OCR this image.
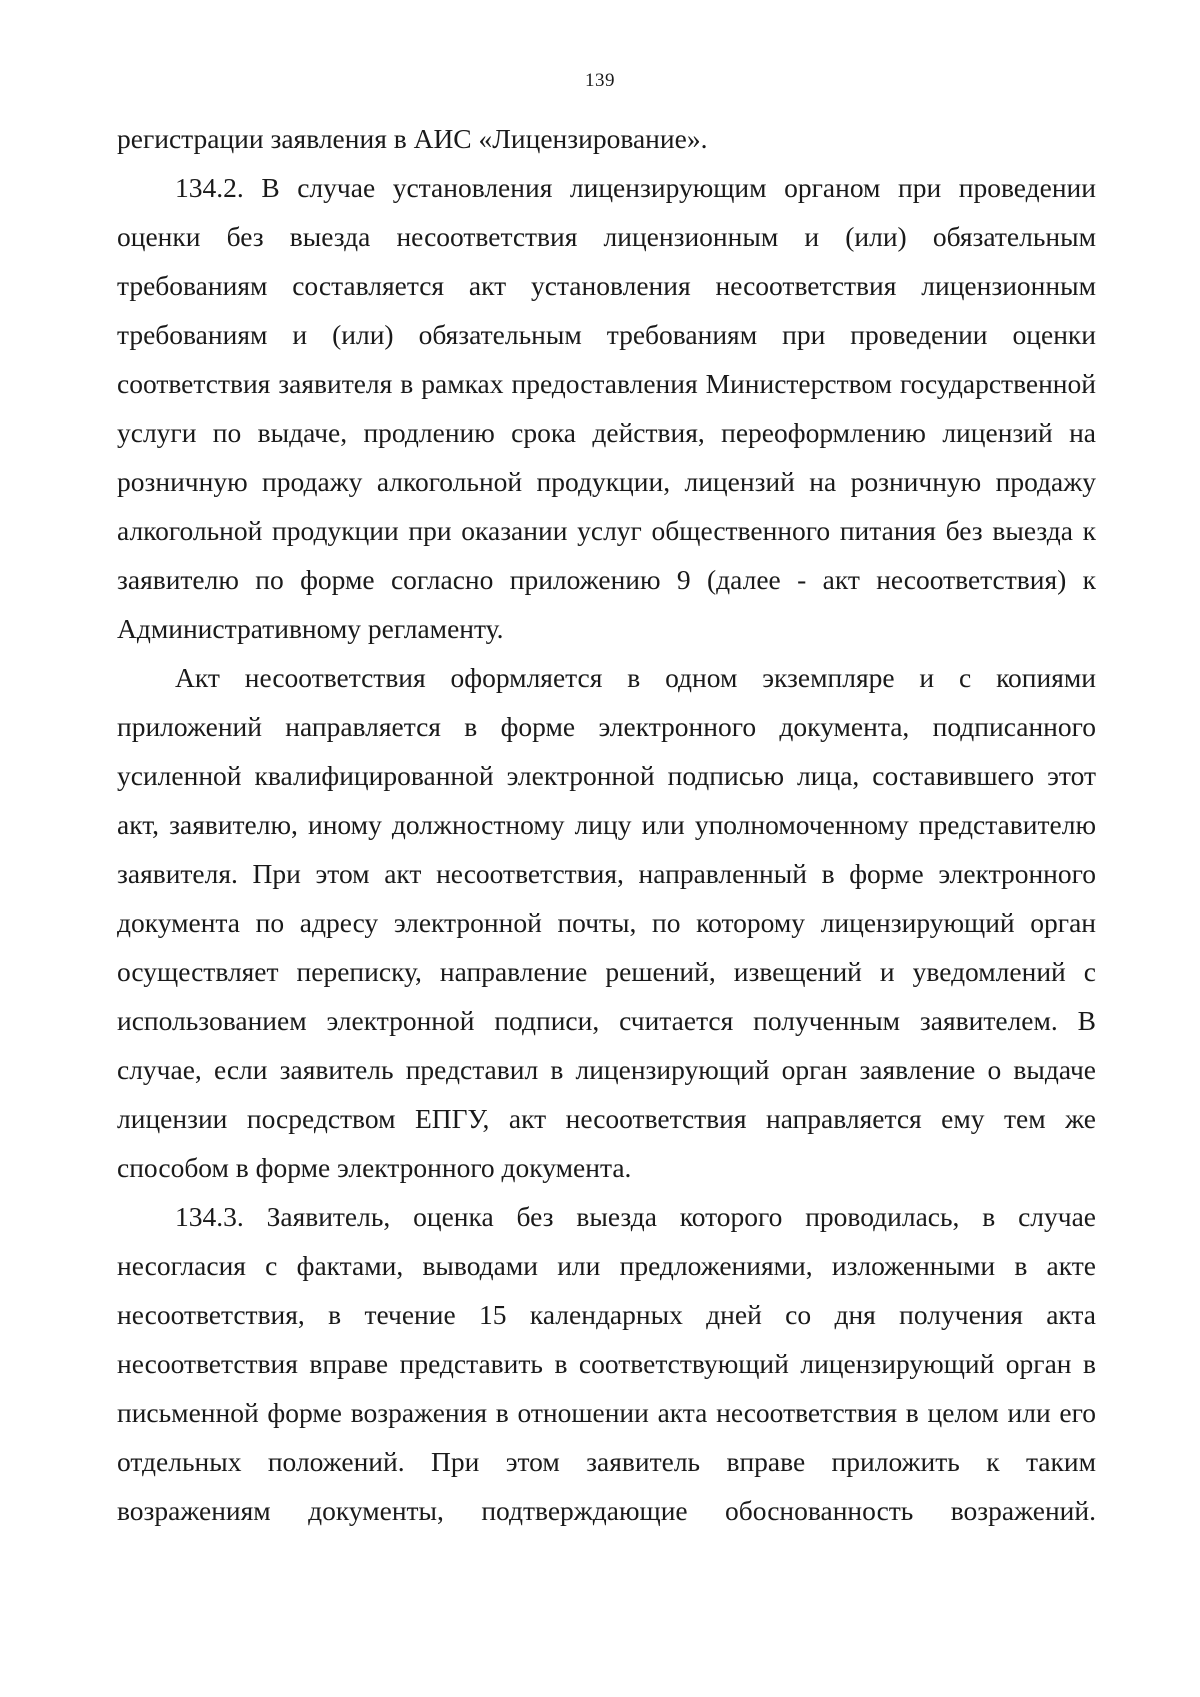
139

регистрации заявления в АИС «Лицензирование».

134.2. В случае установления лицензирующим органом при проведении оценки без выезда несоответствия лицензионным и (или) обязательным требованиям составляется акт установления несоответствия лицензионным требованиям и (или) обязательным требованиям при проведении оценки соответствия заявителя в рамках предоставления Министерством государственной услуги по выдаче, продлению срока действия, переоформлению лицензий на розничную продажу алкогольной продукции, лицензий на розничную продажу алкогольной продукции при оказании услуг общественного питания без выезда к заявителю по форме согласно приложению 9 (далее - акт несоответствия) к Административному регламенту.

Акт несоответствия оформляется в одном экземпляре и с копиями приложений направляется в форме электронного документа, подписанного усиленной квалифицированной электронной подписью лица, составившего этот акт, заявителю, иному должностному лицу или уполномоченному представителю заявителя. При этом акт несоответствия, направленный в форме электронного документа по адресу электронной почты, по которому лицензирующий орган осуществляет переписку, направление решений, извещений и уведомлений с использованием электронной подписи, считается полученным заявителем. В случае, если заявитель представил в лицензирующий орган заявление о выдаче лицензии посредством ЕПГУ, акт несоответствия направляется ему тем же способом в форме электронного документа.

134.3. Заявитель, оценка без выезда которого проводилась, в случае несогласия с фактами, выводами или предложениями, изложенными в акте несоответствия, в течение 15 календарных дней со дня получения акта несоответствия вправе представить в соответствующий лицензирующий орган в письменной форме возражения в отношении акта несоответствия в целом или его отдельных положений. При этом заявитель вправе приложить к таким возражениям документы, подтверждающие обоснованность возражений.
